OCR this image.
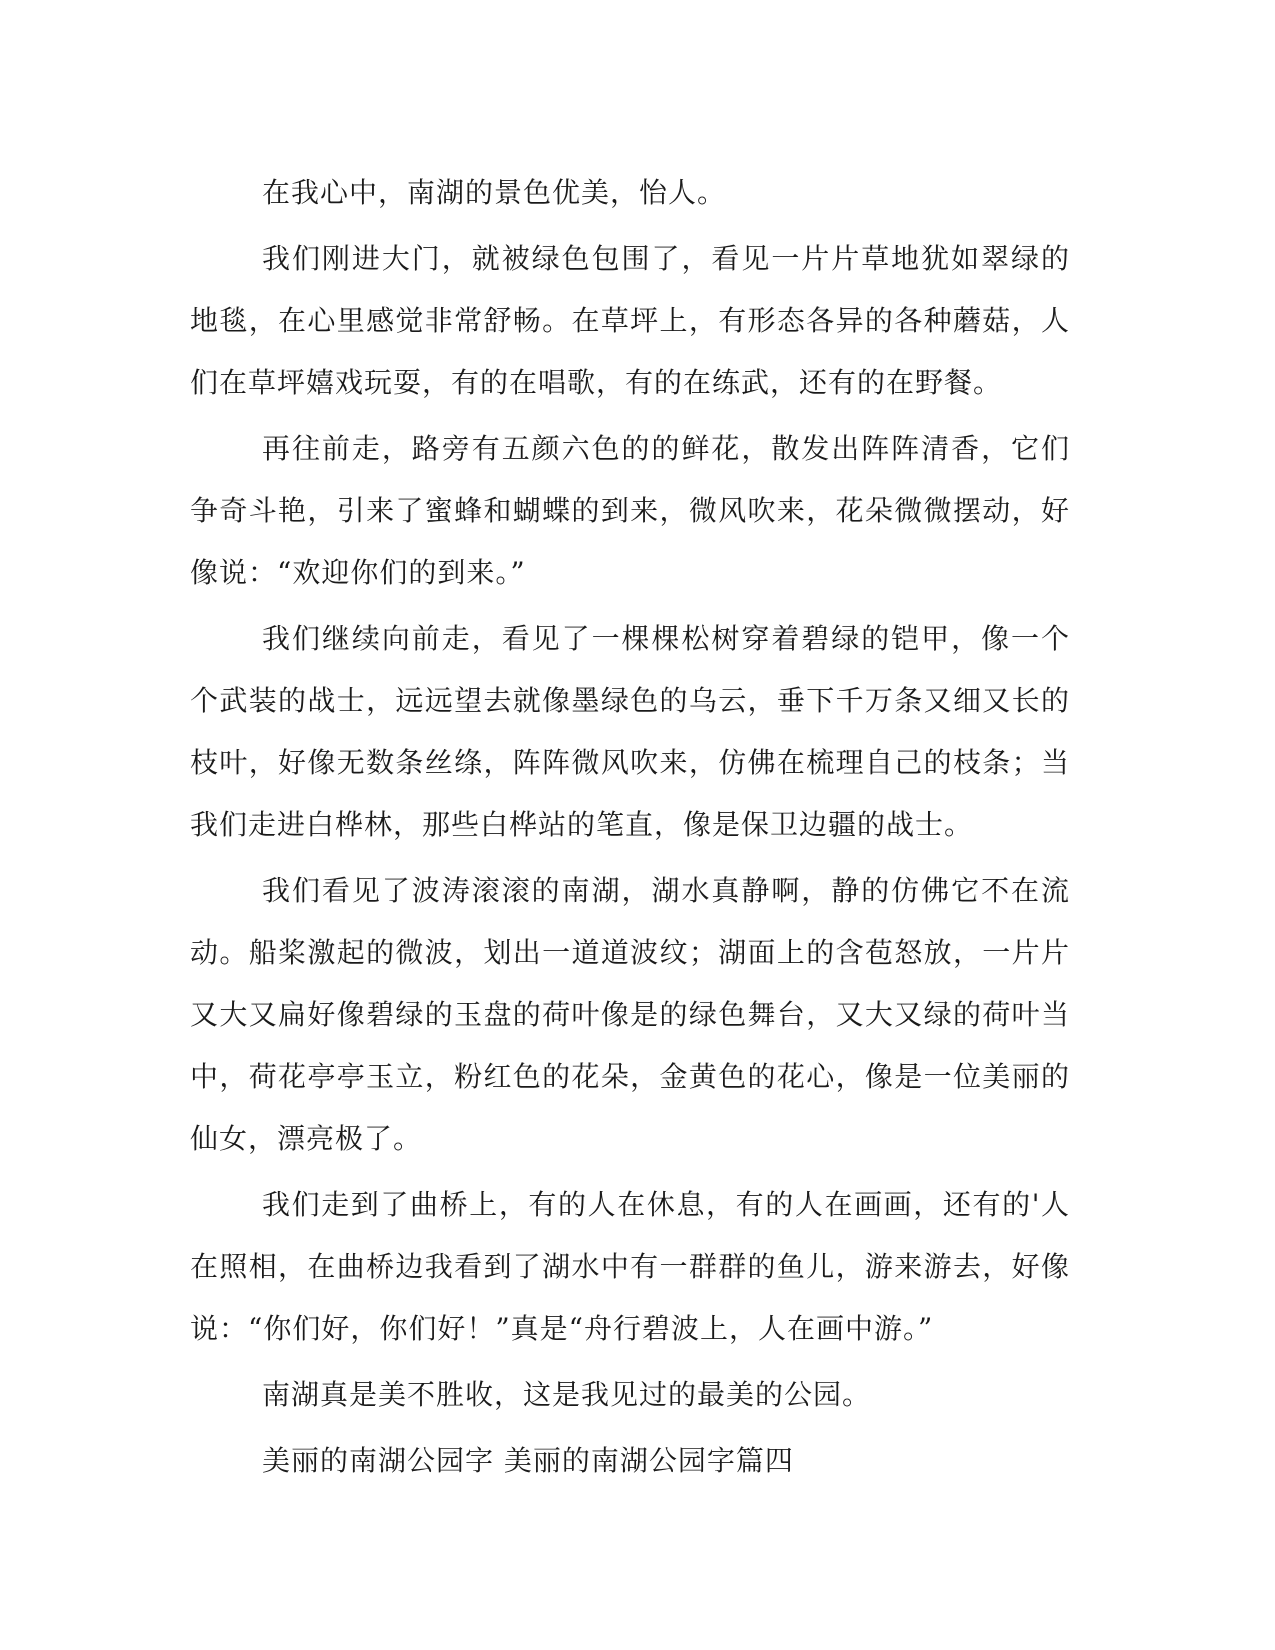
在我心中，南湖的景色优美，怡人。

我们刚进大门，就被绿色包围了，看见一片片草地犹如翠绿的地毯，在心里感觉非常舒畅。在草坪上，有形态各异的各种蘑菇，人们在草坪嬉戏玩耍，有的在唱歌，有的在练武，还有的在野餐。

再往前走，路旁有五颜六色的的鲜花，散发出阵阵清香，它们争奇斗艳，引来了蜜蜂和蝴蝶的到来，微风吹来，花朵微微摆动，好像说：“欢迎你们的到来。”

我们继续向前走，看见了一棵棵松树穿着碧绿的铠甲，像一个个武装的战士，远远望去就像墨绿色的乌云，垂下千万条又细又长的枝叶，好像无数条丝绦，阵阵微风吹来，仿佛在梳理自己的枝条；当我们走进白桦林，那些白桦站的笔直，像是保卫边疆的战士。

我们看见了波涛滚滚的南湖，湖水真静啊，静的仿佛它不在流动。船桨激起的微波，划出一道道波纹；湖面上的含苞怒放，一片片又大又扁好像碧绿的玉盘的荷叶像是的绿色舞台，又大又绿的荷叶当中，荷花亭亭玉立，粉红色的花朵，金黄色的花心，像是一位美丽的仙女，漂亮极了。

我们走到了曲桥上，有的人在休息，有的人在画画，还有的'人在照相，在曲桥边我看到了湖水中有一群群的鱼儿，游来游去，好像说：“你们好，你们好！”真是“舟行碧波上，人在画中游。”

南湖真是美不胜收，这是我见过的最美的公园。

美丽的南湖公园字 美丽的南湖公园字篇四
